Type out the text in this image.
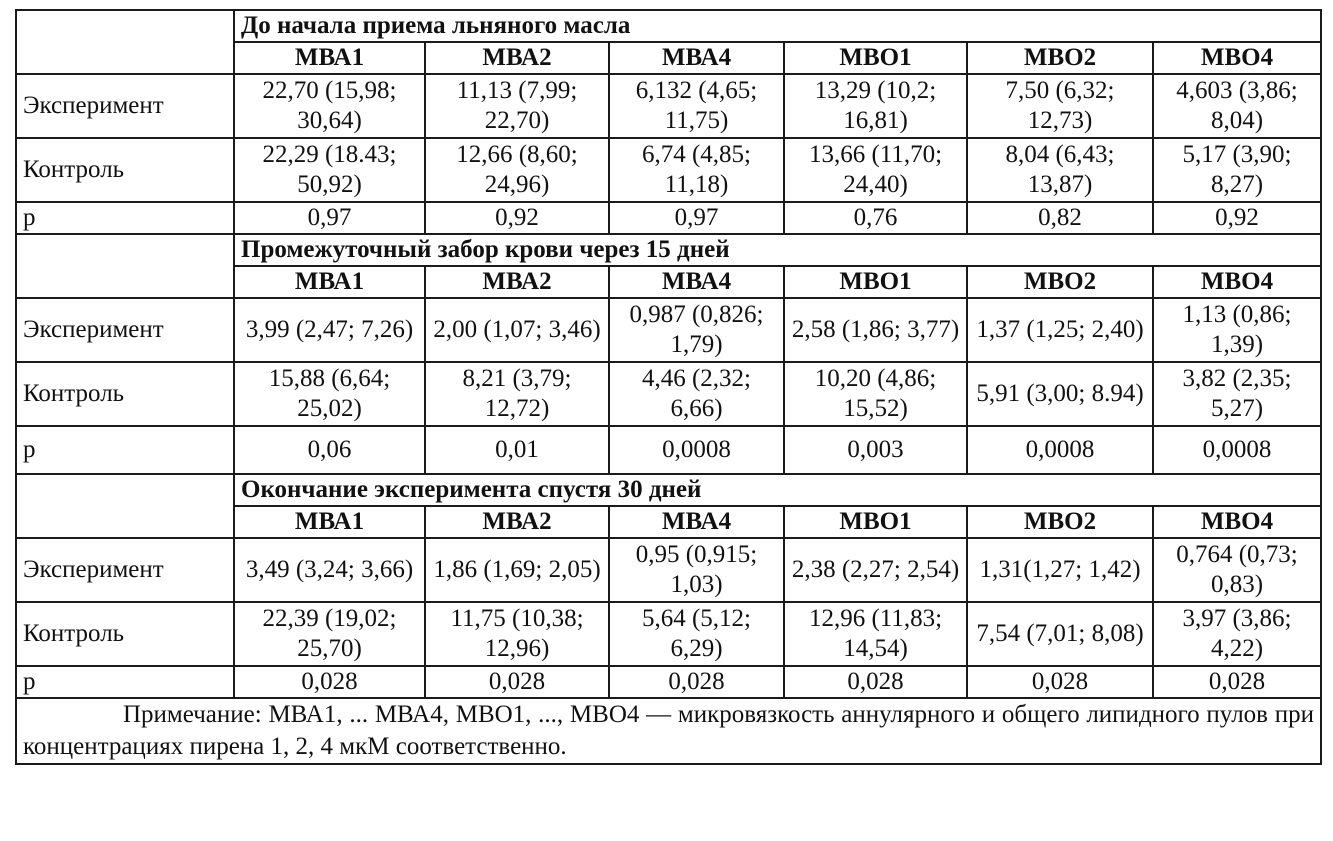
	До начала приема льняного масла					
	МВА1	МВА2	МВА4	МВО1	МВО2	МВО4
Эксперимент	22,70 (15,98; 30,64)	11,13 (7,99; 22,70)	6,132 (4,65; 11,75)	13,29 (10,2; 16,81)	7,50 (6,32; 12,73)	4,603 (3,86; 8,04)
Контроль	22,29 (18.43; 50,92)	12,66 (8,60; 24,96)	6,74 (4,85; 11,18)	13,66 (11,70; 24,40)	8,04 (6,43; 13,87)	5,17 (3,90; 8,27)
р	0,97	0,92	0,97	0,76	0,82	0,92
	Промежуточный забор крови через 15 дней					
	МВА1	МВА2	МВА4	МВО1	МВО2	МВО4
Эксперимент	3,99 (2,47; 7,26)	2,00 (1,07; 3,46)	0,987 (0,826; 1,79)	2,58 (1,86; 3,77)	1,37 (1,25; 2,40)	1,13 (0,86; 1,39)
Контроль	15,88 (6,64; 25,02)	8,21 (3,79; 12,72)	4,46 (2,32; 6,66)	10,20 (4,86; 15,52)	5,91 (3,00; 8.94)	3,82 (2,35; 5,27)
р	0,06	0,01	0,0008	0,003	0,0008	0,0008
	Окончание эксперимента спустя 30 дней					
	МВА1	МВА2	МВА4	МВО1	МВО2	МВО4
Эксперимент	3,49 (3,24; 3,66)	1,86 (1,69; 2,05)	0,95 (0,915; 1,03)	2,38 (2,27; 2,54)	1,31(1,27; 1,42)	0,764 (0,73; 0,83)
Контроль	22,39 (19,02; 25,70)	11,75 (10,38; 12,96)	5,64 (5,12; 6,29)	12,96 (11,83; 14,54)	7,54 (7,01; 8,08)	3,97 (3,86; 4,22)
р	0,028	0,028	0,028	0,028	0,028	0,028
Примечание: МВА1, ... МВА4, МВО1, ..., МВО4 — микровязкость аннулярного и общего липидного пулов при концентрациях пирена 1, 2, 4 мкМ соответственно.						
